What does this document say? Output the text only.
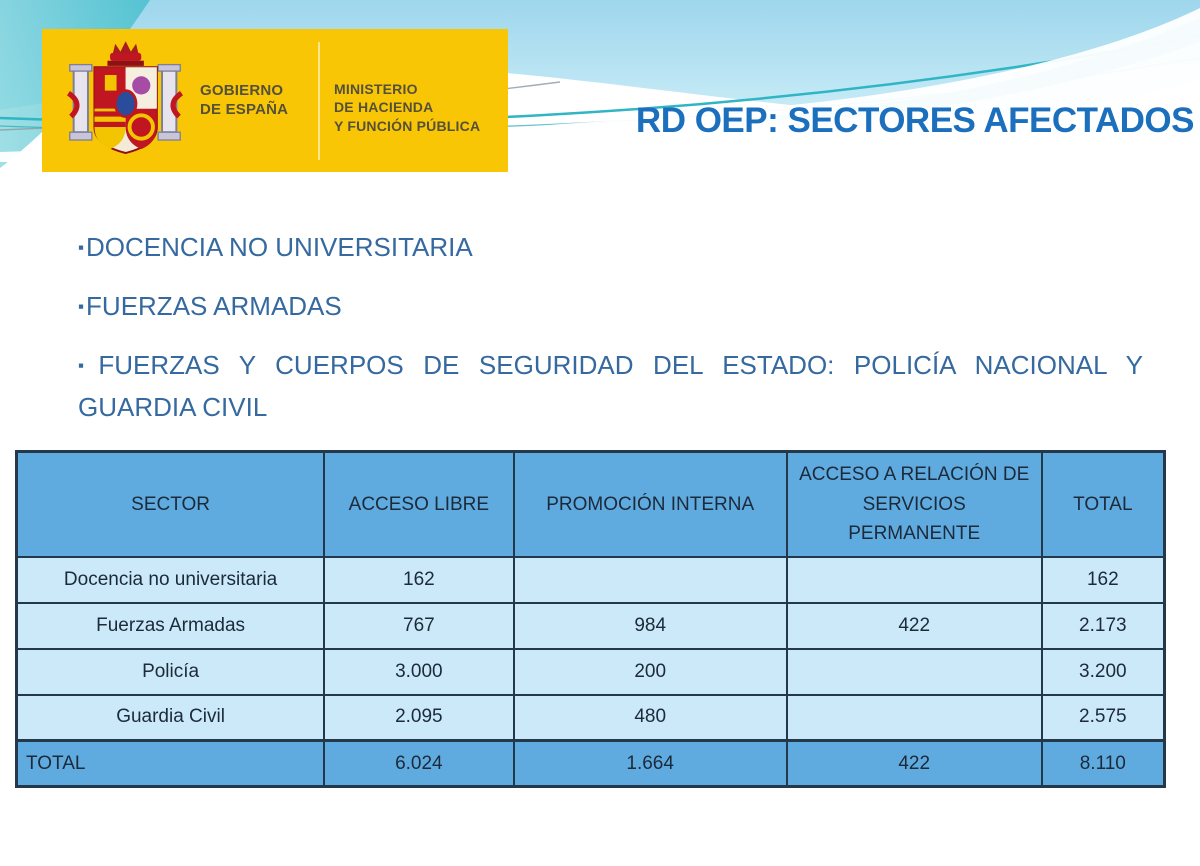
GOBIERNO
DE ESPAÑA
MINISTERIO
DE HACIENDA
Y FUNCIÓN PÚBLICA	RD OEP: SECTORES AFECTADOS
▪DOCENCIA NO UNIVERSITARIA
▪FUERZAS ARMADAS
▪FUERZAS Y CUERPOS DE SEGURIDAD DEL ESTADO: POLICÍA NACIONAL Y GUARDIA CIVIL
SECTOR	ACCESO LIBRE	PROMOCIÓN INTERNA	ACCESO A RELACIÓN DE SERVICIOS PERMANENTE	TOTAL
Docencia no universitaria	162			162
Fuerzas Armadas	767	984	422	2.173
Policía	3.000	200		3.200
Guardia Civil	2.095	480		2.575
TOTAL	6.024	1.664	422	8.110
